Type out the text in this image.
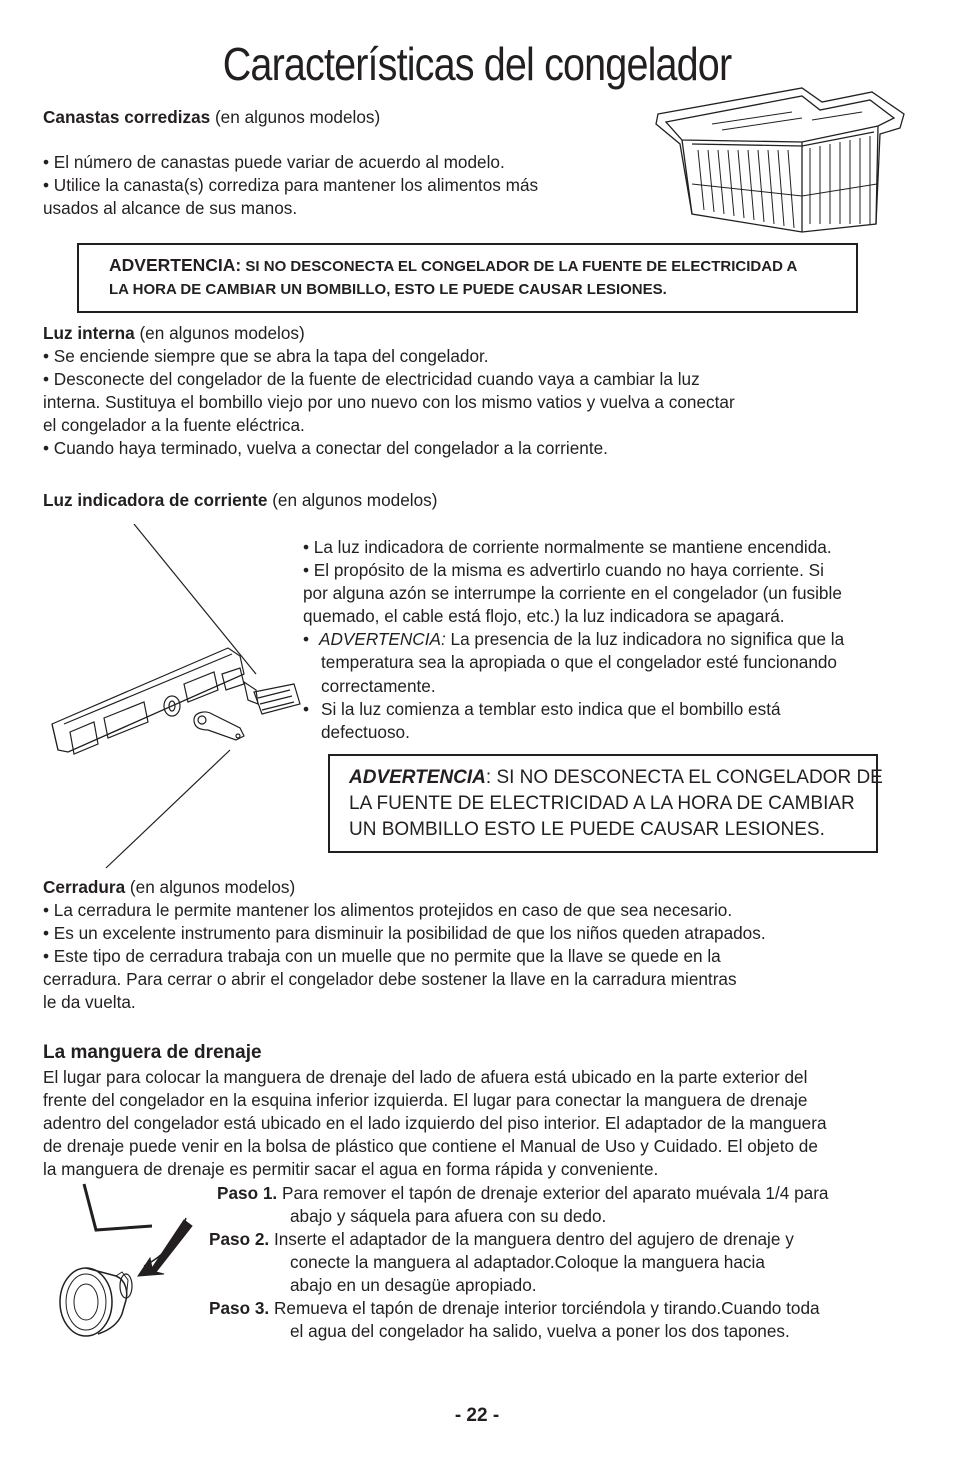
Características del congelador
Canastas corredizas (en algunos modelos)
• El número de canastas puede variar de acuerdo al modelo.
• Utilice la canasta(s) corrediza para mantener los alimentos más
usados al alcance de sus manos.
ADVERTENCIA: SI NO DESCONECTA EL CONGELADOR DE LA FUENTE DE ELECTRICIDAD A
LA HORA DE CAMBIAR UN BOMBILLO, ESTO LE PUEDE CAUSAR LESIONES.
Luz interna (en algunos modelos)
• Se enciende siempre que se abra la tapa del congelador.
• Desconecte del congelador de la fuente de electricidad cuando vaya a cambiar la luz
interna. Sustituya el bombillo viejo por uno nuevo con los mismo vatios y vuelva a conectar
el congelador a la fuente eléctrica.
• Cuando haya terminado, vuelva a conectar del congelador a la corriente.
Luz indicadora de corriente (en algunos modelos)
• La luz indicadora de corriente normalmente se mantiene encendida.
• El propósito de la misma es advertirlo cuando no haya corriente. Si
por alguna azón se interrumpe la corriente en el congelador (un fusible
quemado, el cable está flojo, etc.) la luz indicadora se apagará.
• ADVERTENCIA: La presencia de la luz indicadora no significa que la
temperatura sea la apropiada o que el congelador esté funcionando
correctamente.
• Si la luz comienza a temblar esto indica que el bombillo está
defectuoso.
ADVERTENCIA: SI NO DESCONECTA EL CONGELADOR DE
LA FUENTE DE ELECTRICIDAD A LA HORA DE CAMBIAR
UN BOMBILLO ESTO LE PUEDE CAUSAR LESIONES.
Cerradura (en algunos modelos)
• La cerradura le permite mantener los alimentos protejidos en caso de que sea necesario.
• Es un excelente instrumento para disminuir la posibilidad de que los niños queden atrapados.
• Este tipo de cerradura trabaja con un muelle que no permite que la llave se quede en la
cerradura. Para cerrar o abrir el congelador debe sostener la llave en la carradura mientras
le da vuelta.
La manguera de drenaje
El lugar para colocar la manguera de drenaje del lado de afuera está ubicado en la parte exterior del
frente del congelador en la esquina inferior izquierda. El lugar para conectar la manguera de drenaje
adentro del congelador está ubicado en el lado izquierdo del piso interior. El adaptador de la manguera
de drenaje puede venir en la bolsa de plástico que contiene el Manual de Uso y Cuidado. El objeto de
la manguera de drenaje es permitir sacar el agua en forma rápida y conveniente.
Paso 1. Para remover el tapón de drenaje exterior del aparato muévala 1/4 para
abajo y sáquela para afuera con su dedo.
Paso 2. Inserte el adaptador de la manguera dentro del agujero de drenaje y
conecte la manguera al adaptador.Coloque la manguera hacia
abajo en un desagüe apropiado.
Paso 3. Remueva el tapón de drenaje interior torciéndola y tirando.Cuando toda
el agua del congelador ha salido, vuelva a poner los dos tapones.
- 22 -
